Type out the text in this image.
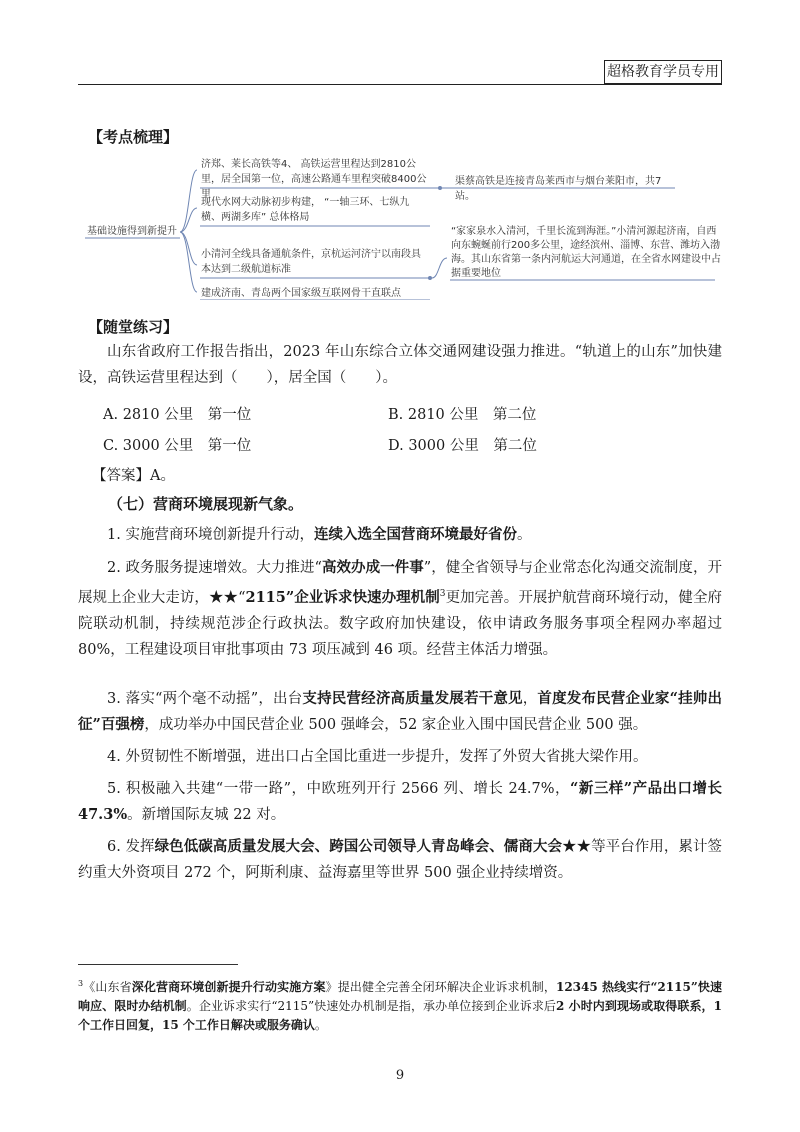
超格教育学员专用
【考点梳理】
基础设施得到新提升
济郑、莱长高铁等4、 高铁运营里程达到2810公里，居全国第一位，高速公路通车里程突破8400公里
现代水网大动脉初步构建， “一轴三环、七纵九横、两湖多库” 总体格局
小清河全线具备通航条件，京杭运河济宁以南段具本达到二级航道标准
建成济南、青岛两个国家级互联网骨干直联点
渠蔡高铁是连接青岛莱西市与烟台莱阳市，共7站。
“家家泉水入清河，千里长流到海涯。”小清河源起济南，自西向东蜿蜒前行200多公里，途经滨州、淄博、东营、潍坊入渤海。其山东省第一条内河航运大河通道，在全省水网建设中占据重要地位
【随堂练习】
山东省政府工作报告指出，2023 年山东综合立体交通网建设强力推进。“轨道上的山东”加快建设，高铁运营里程达到（　　），居全国（　　）。
A. 2810 公里　第一位	B. 2810 公里　第二位
C. 3000 公里　第一位	D. 3000 公里　第二位
【答案】A。
（七）营商环境展现新气象。
1. 实施营商环境创新提升行动，连续入选全国营商环境最好省份。
2. 政务服务提速增效。大力推进“高效办成一件事”，健全省领导与企业常态化沟通交流制度，开展规上企业大走访，★★“2115”企业诉求快速办理机制$^3$更加完善。开展护航营商环境行动，健全府院联动机制，持续规范涉企行政执法。数字政府加快建设，依申请政务服务事项全程网办率超过 80%，工程建设项目审批事项由 73 项压减到 46 项。经营主体活力增强。
3. 落实“两个毫不动摇”，出台支持民营经济高质量发展若干意见，首度发布民营企业家“挂帅出征”百强榜，成功举办中国民营企业 500 强峰会，52 家企业入围中国民营企业 500 强。
4. 外贸韧性不断增强，进出口占全国比重进一步提升，发挥了外贸大省挑大梁作用。
5. 积极融入共建“一带一路”，中欧班列开行 2566 列、增长 24.7%，“新三样”产品出口增长 47.3%。新增国际友城 22 对。
6. 发挥绿色低碳高质量发展大会、跨国公司领导人青岛峰会、儒商大会★★等平台作用，累计签约重大外资项目 272 个，阿斯利康、益海嘉里等世界 500 强企业持续增资。
$^3$《山东省深化营商环境创新提升行动实施方案》提出健全完善全闭环解决企业诉求机制，12345 热线实行“2115”快速响应、限时办结机制。企业诉求实行“2115”快速处办机制是指，承办单位接到企业诉求后2 小时内到现场或取得联系，1 个工作日回复，15 个工作日解决或服务确认。
9
